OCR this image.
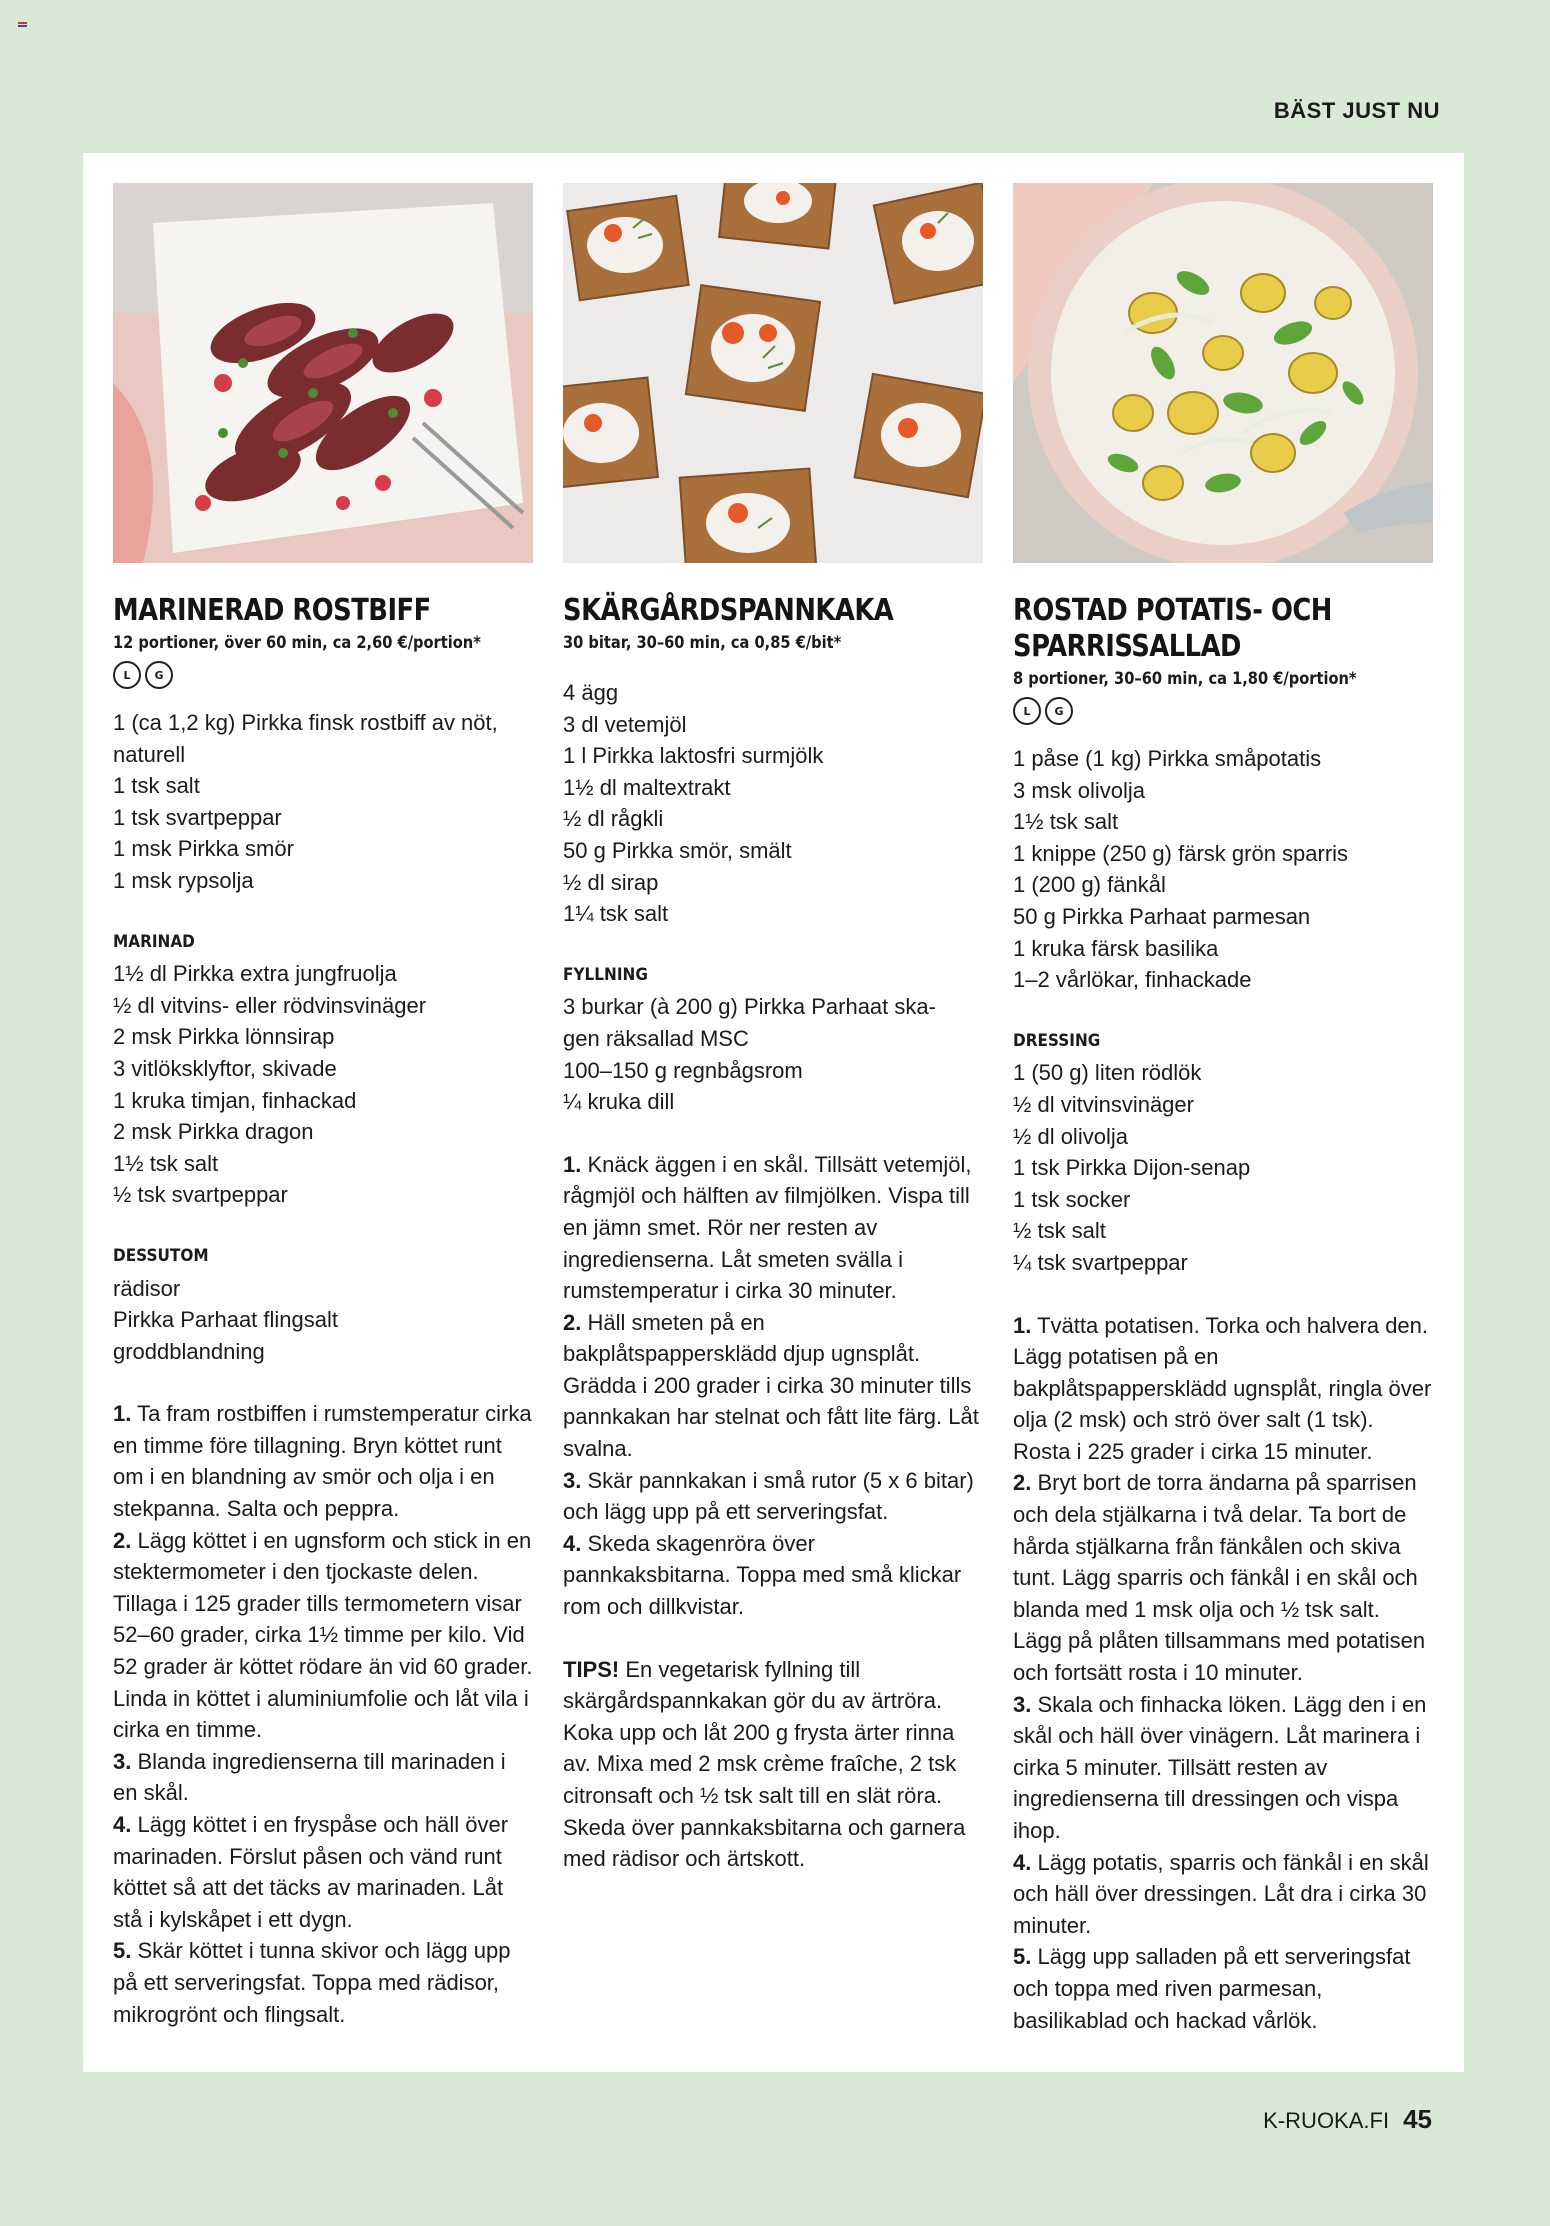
BÄST JUST NU
MARINERAD ROSTBIFF
12 portioner, över 60 min, ca 2,60 €/portion*
L	G
1 (ca 1,2 kg) Pirkka finsk rostbiff av nöt,
naturell
1 tsk salt
1 tsk svartpeppar
1 msk Pirkka smör
1 msk rypsolja
MARINAD
1½ dl Pirkka extra jungfruolja
½ dl vitvins- eller rödvinsvinäger
2 msk Pirkka lönnsirap
3 vitlöksklyftor, skivade
1 kruka timjan, finhackad
2 msk Pirkka dragon
1½ tsk salt
½ tsk svartpeppar
DESSUTOM
rädisor
Pirkka Parhaat flingsalt
groddblandning
1. Ta fram rostbiffen i rumstemperatur cirka en timme före tillagning. Bryn köttet runt om i en blandning av smör och olja i en stekpanna. Salta och peppra.
2. Lägg köttet i en ugnsform och stick in en stektermometer i den tjockaste delen. Tillaga i 125 grader tills termometern visar 52–60 grader, cirka 1½ timme per kilo. Vid 52 grader är köttet rödare än vid 60 grader. Linda in köttet i aluminiumfolie och låt vila i cirka en timme.
3. Blanda ingredienserna till marinaden i en skål.
4. Lägg köttet i en fryspåse och häll över marinaden. Förslut påsen och vänd runt köttet så att det täcks av marinaden. Låt stå i kylskåpet i ett dygn.
5. Skär köttet i tunna skivor och lägg upp på ett serveringsfat. Toppa med rädisor, mikrogrönt och flingsalt.
SKÄRGÅRDSPANNKAKA
30 bitar, 30–60 min, ca 0,85 €/bit*
4 ägg
3 dl vetemjöl
1 l Pirkka laktosfri surmjölk
1½ dl maltextrakt
½ dl rågkli
50 g Pirkka smör, smält
½ dl sirap
1¼ tsk salt
FYLLNING
3 burkar (à 200 g) Pirkka Parhaat ska-
gen räksallad MSC
100–150 g regnbågsrom
¼ kruka dill
1. Knäck äggen i en skål. Tillsätt vetemjöl, rågmjöl och hälften av filmjölken. Vispa till en jämn smet. Rör ner resten av ingredienserna. Låt smeten svälla i rumstemperatur i cirka 30 minuter.
2. Häll smeten på en bakplåtspappersklädd djup ugnsplåt. Grädda i 200 grader i cirka 30 minuter tills pannkakan har stelnat och fått lite färg. Låt svalna.
3. Skär pannkakan i små rutor (5 x 6 bitar) och lägg upp på ett serveringsfat.
4. Skeda skagenröra över pannkaksbitarna. Toppa med små klickar rom och dillkvistar.
TIPS! En vegetarisk fyllning till skärgårdspannkakan gör du av ärtröra. Koka upp och låt 200 g frysta ärter rinna av. Mixa med 2 msk crème fraîche, 2 tsk citronsaft och ½ tsk salt till en slät röra. Skeda över pannkaksbitarna och garnera med rädisor och ärtskott.
ROSTAD POTATIS- OCH
SPARRISSALLAD
8 portioner, 30–60 min, ca 1,80 €/portion*
L	G
1 påse (1 kg) Pirkka småpotatis
3 msk olivolja
1½ tsk salt
1 knippe (250 g) färsk grön sparris
1 (200 g) fänkål
50 g Pirkka Parhaat parmesan
1 kruka färsk basilika
1–2 vårlökar, finhackade
DRESSING
1 (50 g) liten rödlök
½ dl vitvinsvinäger
½ dl olivolja
1 tsk Pirkka Dijon-senap
1 tsk socker
½ tsk salt
¼ tsk svartpeppar
1. Tvätta potatisen. Torka och halvera den. Lägg potatisen på en bakplåtspappersklädd ugnsplåt, ringla över olja (2 msk) och strö över salt (1 tsk). Rosta i 225 grader i cirka 15 minuter.
2. Bryt bort de torra ändarna på sparrisen och dela stjälkarna i två delar. Ta bort de hårda stjälkarna från fänkålen och skiva tunt. Lägg sparris och fänkål i en skål och blanda med 1 msk olja och ½ tsk salt. Lägg på plåten tillsammans med potatisen och fortsätt rosta i 10 minuter.
3. Skala och finhacka löken. Lägg den i en skål och häll över vinägern. Låt marinera i cirka 5 minuter. Tillsätt resten av ingredienserna till dressingen och vispa ihop.
4. Lägg potatis, sparris och fänkål i en skål och häll över dressingen. Låt dra i cirka 30 minuter.
5. Lägg upp salladen på ett serveringsfat och toppa med riven parmesan, basilikablad och hackad vårlök.
K-RUOKA.FI 45
